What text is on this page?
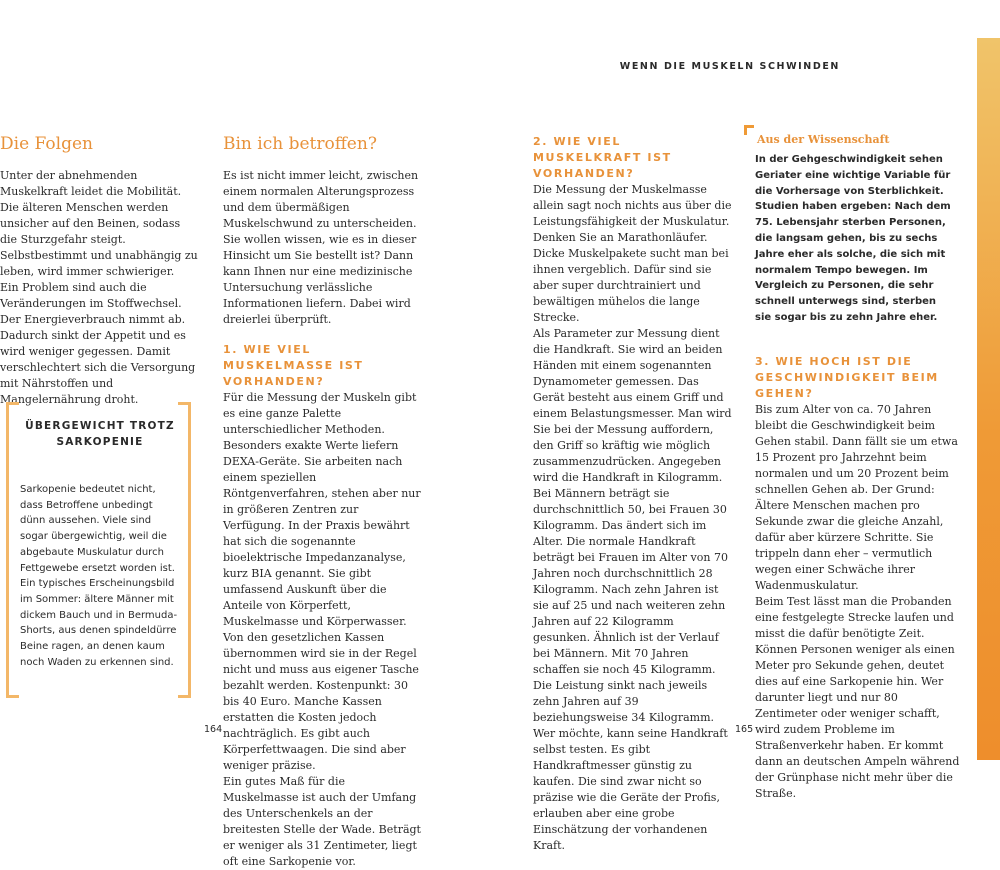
WENN DIE MUSKELN SCHWINDEN
Die Folgen

Unter der abnehmenden Muskelkraft leidet die Mobilität. Die älteren Menschen werden unsicher auf den Beinen, sodass die Sturzgefahr steigt. Selbstbestimmt und unabhängig zu leben, wird immer schwieriger.

Ein Problem sind auch die Veränderungen im Stoffwechsel. Der Energieverbrauch nimmt ab. Dadurch sinkt der Appetit und es wird weniger gegessen. Damit verschlechtert sich die Versorgung mit Nährstoffen und Mangelernährung droht.

ÜBERGEWICHT TROTZ SARKOPENIE
Sarkopenie bedeutet nicht, dass Betroffene unbedingt dünn aussehen. Viele sind sogar übergewichtig, weil die abgebaute Muskulatur durch Fettgewebe ersetzt worden ist. Ein typisches Erscheinungsbild im Sommer: ältere Männer mit dickem Bauch und in Bermuda-Shorts, aus denen spindeldürre Beine ragen, an denen kaum noch Waden zu erkennen sind.
Bin ich betroffen?

Es ist nicht immer leicht, zwischen einem normalen Alterungsprozess und dem übermäßigen Muskelschwund zu unterscheiden. Sie wollen wissen, wie es in dieser Hinsicht um Sie bestellt ist? Dann kann Ihnen nur eine medizinische Untersuchung verlässliche Informationen liefern. Dabei wird dreierlei überprüft.

1. WIE VIEL MUSKELMASSE IST VORHANDEN?

Für die Messung der Muskeln gibt es eine ganze Palette unterschiedlicher Methoden. Besonders exakte Werte liefern DEXA-Geräte. Sie arbeiten nach einem speziellen Röntgenverfahren, stehen aber nur in größeren Zentren zur Verfügung. In der Praxis bewährt hat sich die sogenannte bioelektrische Impedanzanalyse, kurz BIA genannt. Sie gibt umfassend Auskunft über die Anteile von Körperfett, Muskelmasse und Körperwasser. Von den gesetzlichen Kassen übernommen wird sie in der Regel nicht und muss aus eigener Tasche bezahlt werden. Kostenpunkt: 30 bis 40 Euro. Manche Kassen erstatten die Kosten jedoch nachträglich. Es gibt auch Körperfettwaagen. Die sind aber weniger präzise.

Ein gutes Maß für die Muskelmasse ist auch der Umfang des Unterschenkels an der breitesten Stelle der Wade. Beträgt er weniger als 31 Zentimeter, liegt oft eine Sarkopenie vor.

164

2. WIE VIEL MUSKELKRAFT IST VORHANDEN?

Die Messung der Muskelmasse allein sagt noch nichts aus über die Leistungsfähigkeit der Muskulatur. Denken Sie an Marathonläufer. Dicke Muskelpakete sucht man bei ihnen vergeblich. Dafür sind sie aber super durchtrainiert und bewältigen mühelos die lange Strecke.

Als Parameter zur Messung dient die Handkraft. Sie wird an beiden Händen mit einem sogenannten Dynamometer gemessen. Das Gerät besteht aus einem Griff und einem Belastungsmesser. Man wird Sie bei der Messung auffordern, den Griff so kräftig wie möglich zusammenzudrücken. Angegeben wird die Handkraft in Kilogramm.

Bei Männern beträgt sie durchschnittlich 50, bei Frauen 30 Kilogramm. Das ändert sich im Alter. Die normale Handkraft beträgt bei Frauen im Alter von 70 Jahren noch durchschnittlich 28 Kilogramm. Nach zehn Jahren ist sie auf 25 und nach weiteren zehn Jahren auf 22 Kilogramm gesunken. Ähnlich ist der Verlauf bei Männern. Mit 70 Jahren schaffen sie noch 45 Kilogramm. Die Leistung sinkt nach jeweils zehn Jahren auf 39 beziehungsweise 34 Kilogramm.

Wer möchte, kann seine Handkraft selbst testen. Es gibt Handkraftmesser günstig zu kaufen. Die sind zwar nicht so präzise wie die Geräte der Profis, erlauben aber eine grobe Einschätzung der vorhandenen Kraft.

165
Aus der Wissenschaft
In der Gehgeschwindigkeit sehen Geriater eine wichtige Variable für die Vorhersage von Sterblichkeit. Studien haben ergeben: Nach dem 75. Lebensjahr sterben Personen, die langsam gehen, bis zu sechs Jahre eher als solche, die sich mit normalem Tempo bewegen. Im Vergleich zu Personen, die sehr schnell unterwegs sind, sterben sie sogar bis zu zehn Jahre eher.

3. WIE HOCH IST DIE GESCHWINDIGKEIT BEIM GEHEN?

Bis zum Alter von ca. 70 Jahren bleibt die Geschwindigkeit beim Gehen stabil. Dann fällt sie um etwa 15 Prozent pro Jahrzehnt beim normalen und um 20 Prozent beim schnellen Gehen ab. Der Grund: Ältere Menschen machen pro Sekunde zwar die gleiche Anzahl, dafür aber kürzere Schritte. Sie trippeln dann eher – vermutlich wegen einer Schwäche ihrer Wadenmuskulatur.

Beim Test lässt man die Probanden eine festgelegte Strecke laufen und misst die dafür benötigte Zeit. Können Personen weniger als einen Meter pro Sekunde gehen, deutet dies auf eine Sarkopenie hin. Wer darunter liegt und nur 80 Zentimeter oder weniger schafft, wird zudem Probleme im Straßenverkehr haben. Er kommt dann an deutschen Ampeln während der Grünphase nicht mehr über die Straße.
